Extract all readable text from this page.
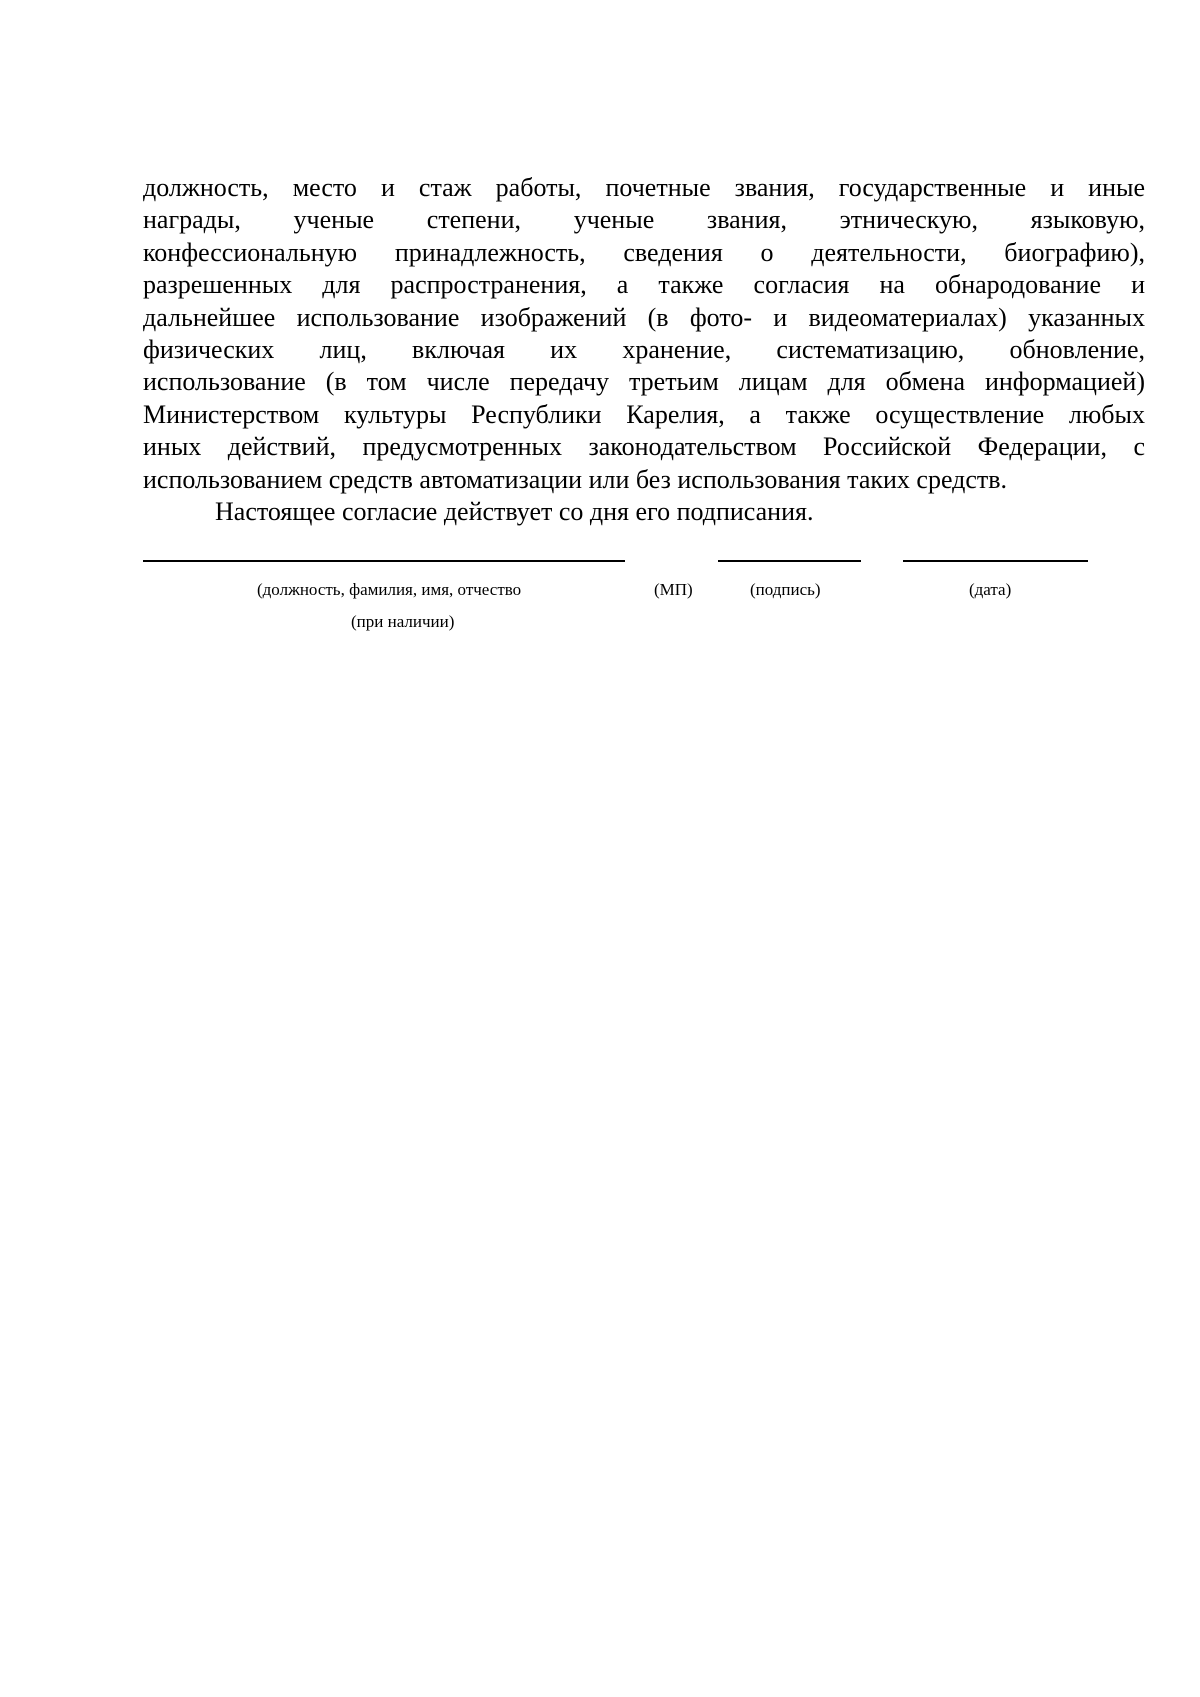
должность, место и стаж работы, почетные звания, государственные и иные
награды, ученые степени, ученые звания, этническую, языковую,
конфессиональную принадлежность, сведения о деятельности, биографию),
разрешенных для распространения, а также согласия на обнародование и
дальнейшее использование изображений (в фото- и видеоматериалах) указанных
физических лиц, включая их хранение, систематизацию, обновление,
использование (в том числе передачу третьим лицам для обмена информацией)
Министерством культуры Республики Карелия, а также осуществление любых
иных действий, предусмотренных законодательством Российской Федерации, с
использованием средств автоматизации или без использования таких средств.
Настоящее согласие действует со дня его подписания.
(должность, фамилия, имя, отчество
(при наличии)
(МП)	(подпись)	(дата)
